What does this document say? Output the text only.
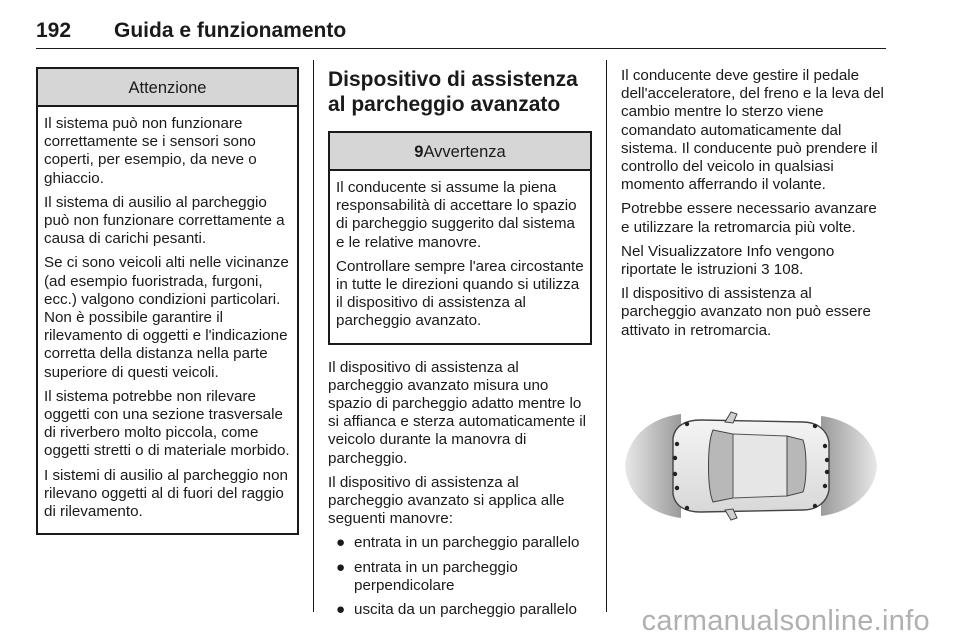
192 Guida e funzionamento
Attenzione

Il sistema può non funzionare correttamente se i sensori sono coperti, per esempio, da neve o ghiaccio.

Il sistema di ausilio al parcheggio può non funzionare correttamente a causa di carichi pesanti.

Se ci sono veicoli alti nelle vicinanze (ad esempio fuoristrada, furgoni, ecc.) valgono condizioni particolari. Non è possibile garantire il rilevamento di oggetti e l'indicazione corretta della distanza nella parte superiore di questi veicoli.

Il sistema potrebbe non rilevare oggetti con una sezione trasversale di riverbero molto piccola, come oggetti stretti o di materiale morbido.

I sistemi di ausilio al parcheggio non rilevano oggetti al di fuori del raggio di rilevamento.

Dispositivo di assistenza al parcheggio avanzato
9Avvertenza

Il conducente si assume la piena responsabilità di accettare lo spazio di parcheggio suggerito dal sistema e le relative manovre.

Controllare sempre l'area circostante in tutte le direzioni quando si utilizza il dispositivo di assistenza al parcheggio avanzato.

Il dispositivo di assistenza al parcheggio avanzato misura uno spazio di parcheggio adatto mentre lo si affianca e sterza automaticamente il veicolo durante la manovra di parcheggio.

Il dispositivo di assistenza al parcheggio avanzato si applica alle seguenti manovre:

● entrata in un parcheggio parallelo
● entrata in un parcheggio perpendicolare
● uscita da un parcheggio parallelo

Il conducente deve gestire il pedale dell'acceleratore, del freno e la leva del cambio mentre lo sterzo viene comandato automaticamente dal sistema. Il conducente può prendere il controllo del veicolo in qualsiasi momento afferrando il volante.

Potrebbe essere necessario avanzare e utilizzare la retromarcia più volte.

Nel Visualizzatore Info vengono riportate le istruzioni 3 108.

Il dispositivo di assistenza al parcheggio avanzato non può essere attivato in retromarcia.

carmanualsonline.info
